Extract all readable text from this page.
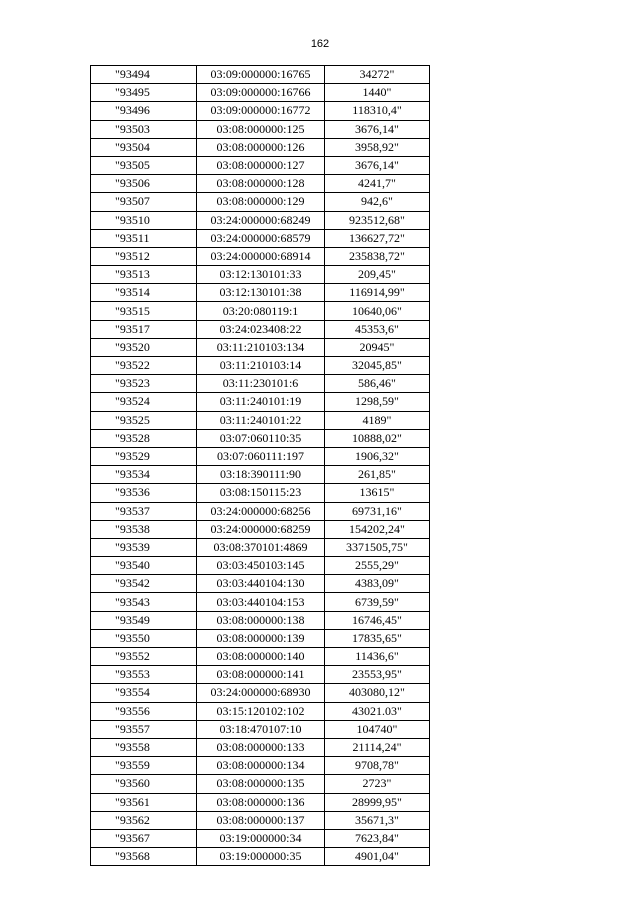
162
"93494	03:09:000000:16765	34272"
"93495	03:09:000000:16766	1440"
"93496	03:09:000000:16772	118310,4"
"93503	03:08:000000:125	3676,14"
"93504	03:08:000000:126	3958,92"
"93505	03:08:000000:127	3676,14"
"93506	03:08:000000:128	4241,7"
"93507	03:08:000000:129	942,6"
"93510	03:24:000000:68249	923512,68"
"93511	03:24:000000:68579	136627,72"
"93512	03:24:000000:68914	235838,72"
"93513	03:12:130101:33	209,45"
"93514	03:12:130101:38	116914,99"
"93515	03:20:080119:1	10640,06"
"93517	03:24:023408:22	45353,6"
"93520	03:11:210103:134	20945"
"93522	03:11:210103:14	32045,85"
"93523	03:11:230101:6	586,46"
"93524	03:11:240101:19	1298,59"
"93525	03:11:240101:22	4189"
"93528	03:07:060110:35	10888,02"
"93529	03:07:060111:197	1906,32"
"93534	03:18:390111:90	261,85"
"93536	03:08:150115:23	13615"
"93537	03:24:000000:68256	69731,16"
"93538	03:24:000000:68259	154202,24"
"93539	03:08:370101:4869	3371505,75"
"93540	03:03:450103:145	2555,29"
"93542	03:03:440104:130	4383,09"
"93543	03:03:440104:153	6739,59"
"93549	03:08:000000:138	16746,45"
"93550	03:08:000000:139	17835,65"
"93552	03:08:000000:140	11436,6"
"93553	03:08:000000:141	23553,95"
"93554	03:24:000000:68930	403080,12"
"93556	03:15:120102:102	43021.03"
"93557	03:18:470107:10	104740"
"93558	03:08:000000:133	21114,24"
"93559	03:08:000000:134	9708,78"
"93560	03:08:000000:135	2723"
"93561	03:08:000000:136	28999,95"
"93562	03:08:000000:137	35671,3"
"93567	03:19:000000:34	7623,84"
"93568	03:19:000000:35	4901,04"
